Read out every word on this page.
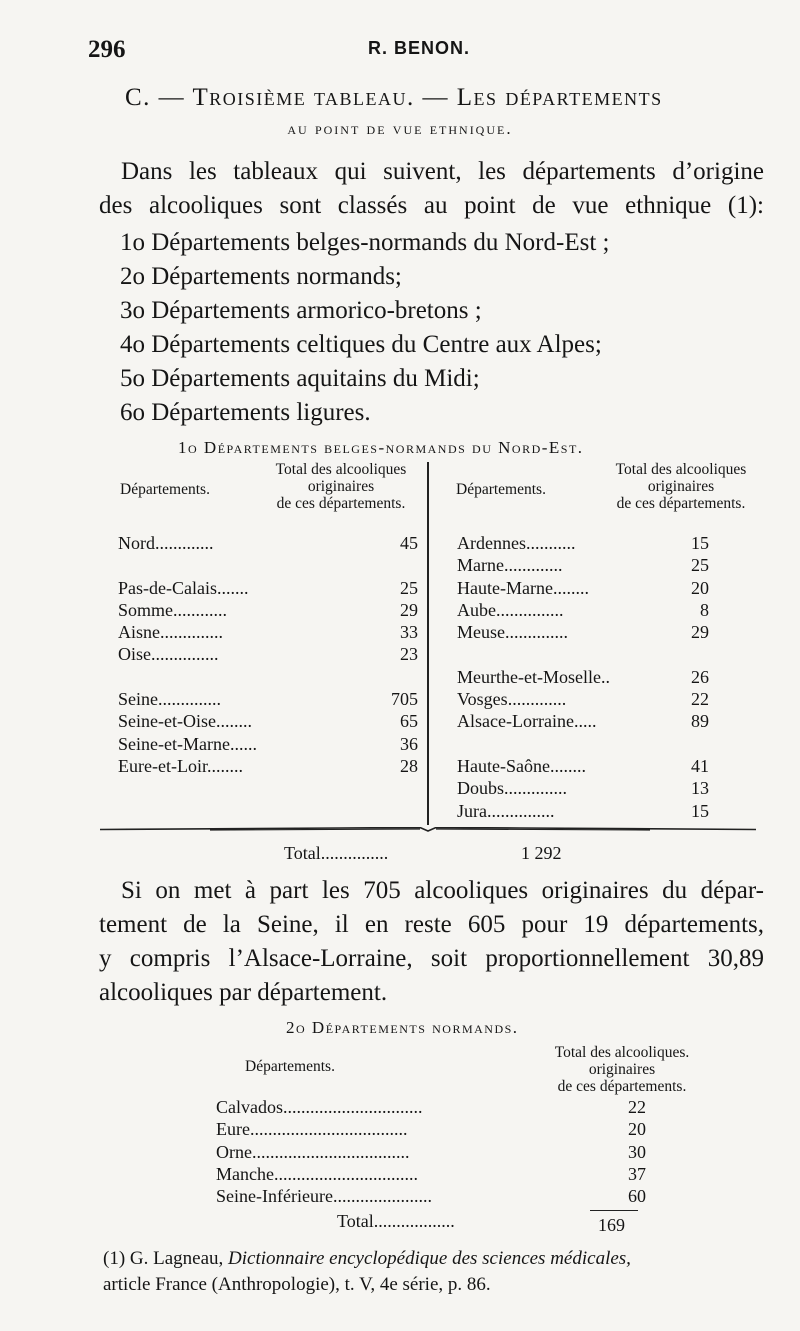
296	R. BENON.
C. — Troisième tableau. — Les départements
au point de vue ethnique.
Dans les tableaux qui suivent, les départements d’origine
des alcooliques sont classés au point de vue ethnique (1):
1o Départements belges-normands du Nord-Est ;
2o Départements normands;
3o Départements armorico-bretons ;
4o Départements celtiques du Centre aux Alpes;
5o Départements aquitains du Midi;
6o Départements ligures.
1o Départements belges-normands du Nord-Est.
Départements.
Total des alcooliques
originaires
de ces départements.
Départements.
Total des alcooliques
originaires
de ces départements.
Nord.............	45
Pas-de-Calais.......	25
Somme............	29
Aisne..............	33
Oise...............	23
Seine..............	705
Seine-et-Oise........	65
Seine-et-Marne......	36
Eure-et-Loir........	28
Ardennes...........	15
Marne.............	25
Haute-Marne........	20
Aube...............	8
Meuse..............	29
Meurthe-et-Moselle..	26
Vosges.............	22
Alsace-Lorraine.....	89
Haute-Saône........	41
Doubs..............	13
Jura...............	15
Total...............	1 292
Si on met à part les 705 alcooliques originaires du dépar-
tement de la Seine, il en reste 605 pour 19 départements,
y compris l’Alsace-Lorraine, soit proportionnellement 30,89
alcooliques par département.
2o Départements normands.
Départements.
Total des alcooliques.
originaires
de ces départements.
Calvados...............................	22
Eure...................................	20
Orne...................................	30
Manche................................	37
Seine-Inférieure......................	60
Total..................	169
(1) G. Lagneau, Dictionnaire encyclopédique des sciences médicales,
article France (Anthropologie), t. V, 4e série, p. 86.
